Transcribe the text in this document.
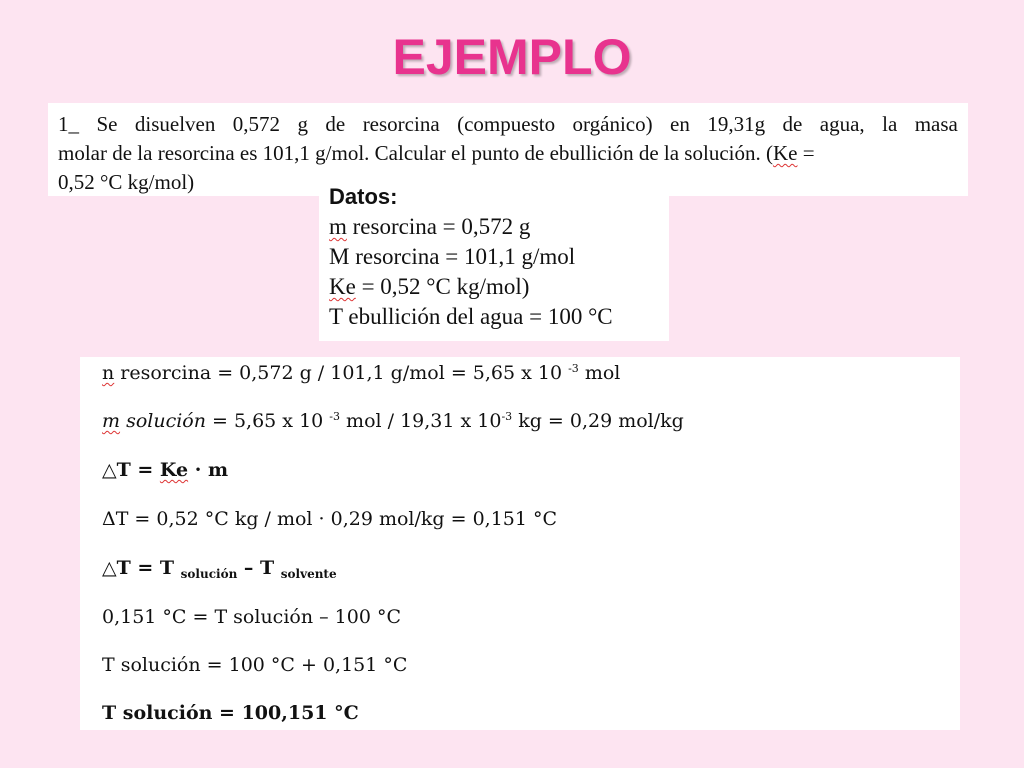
EJEMPLO
1_ Se disuelven 0,572 g de resorcina (compuesto orgánico) en 19,31g de agua, la masa
molar de la resorcina es 101,1 g/mol. Calcular el punto de ebullición de la solución. (Ke =
0,52 °C kg/mol)
Datos:
m resorcina = 0,572 g
M resorcina = 101,1 g/mol
Ke = 0,52 °C kg/mol)
T ebullición del agua = 100 °C
n resorcina = 0,572 g / 101,1 g/mol = 5,65 x 10 $^{-3}$ mol
m solución = 5,65 x 10 $^{-3}$ mol / 19,31 x $10^{-3}$ kg = 0,29 mol/kg
△T = Ke · m
ΔT = 0,52 °C kg / mol · 0,29 mol/kg = 0,151 °C
△T = T $_{solución}$ – T $_{solvente}$
0,151 °C = T solución – 100 °C
T solución = 100 °C + 0,151 °C
T solución = 100,151 °C
